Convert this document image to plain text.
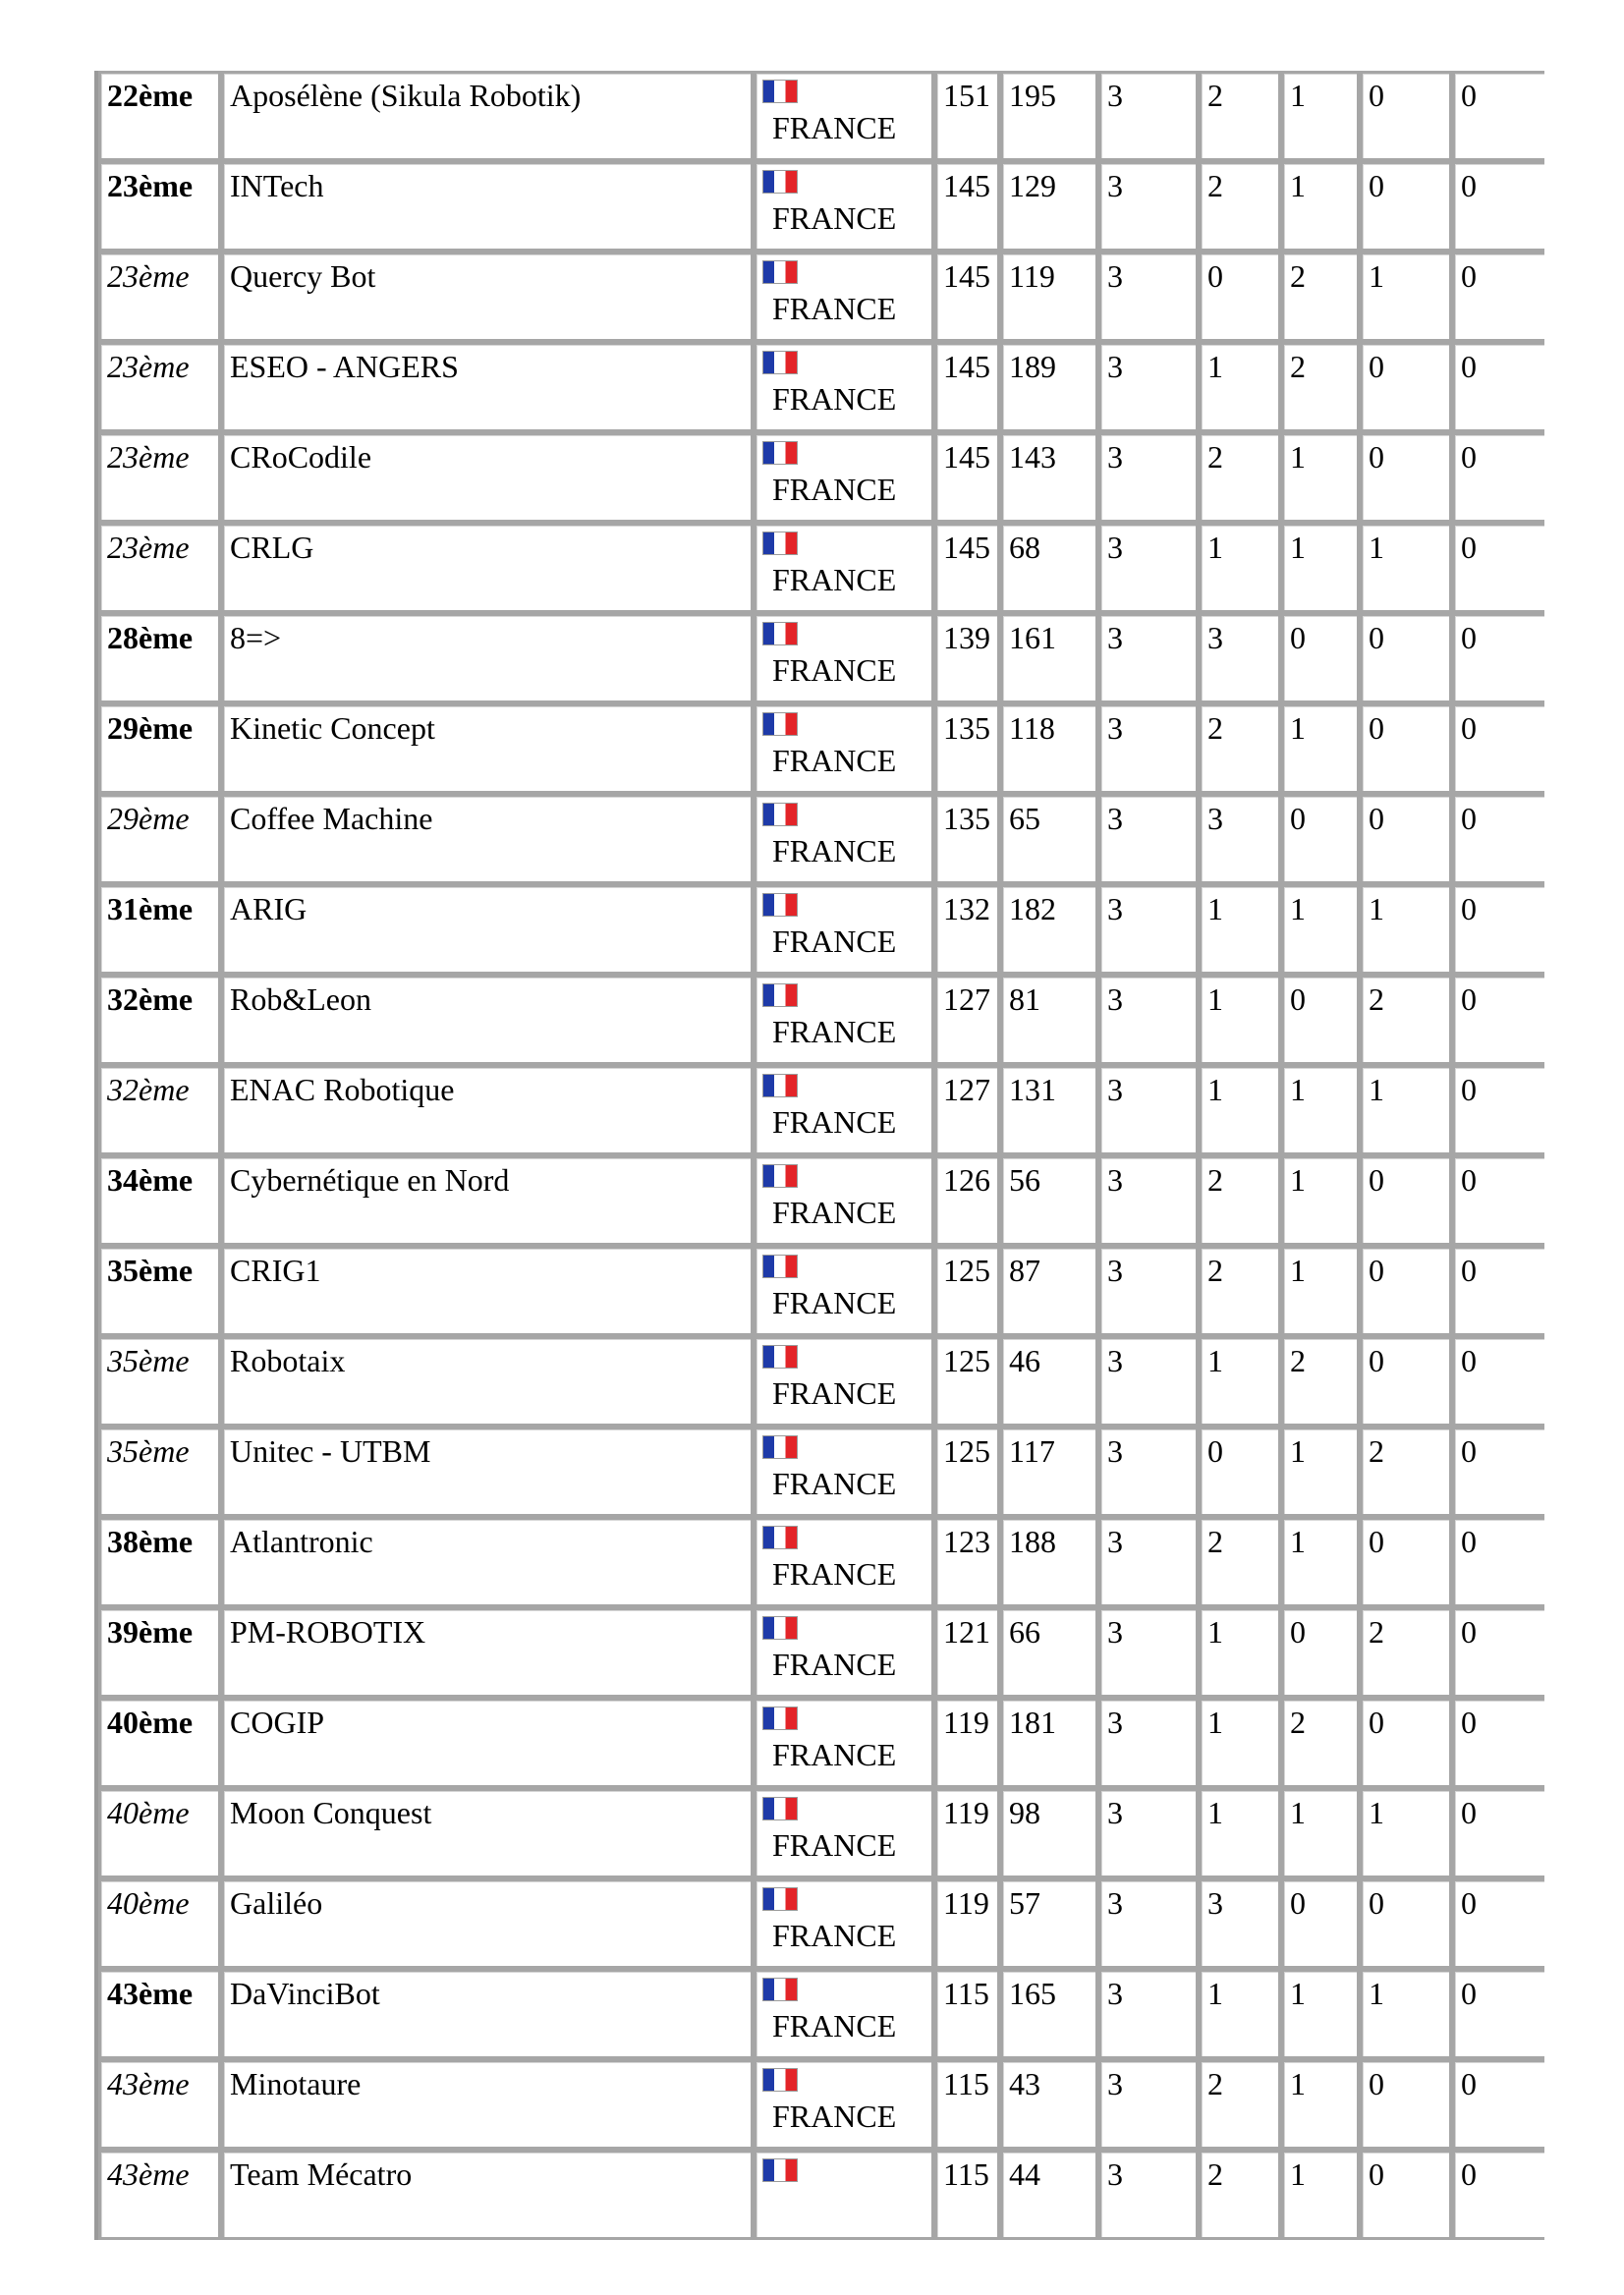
22ème	Aposélène (Sikula Robotik)	FRANCE	151	195	3	2	1	0	0
23ème	INTech	FRANCE	145	129	3	2	1	0	0
23ème	Quercy Bot	FRANCE	145	119	3	0	2	1	0
23ème	ESEO - ANGERS	FRANCE	145	189	3	1	2	0	0
23ème	CRoCodile	FRANCE	145	143	3	2	1	0	0
23ème	CRLG	FRANCE	145	68	3	1	1	1	0
28ème	8=>	FRANCE	139	161	3	3	0	0	0
29ème	Kinetic Concept	FRANCE	135	118	3	2	1	0	0
29ème	Coffee Machine	FRANCE	135	65	3	3	0	0	0
31ème	ARIG	FRANCE	132	182	3	1	1	1	0
32ème	Rob&Leon	FRANCE	127	81	3	1	0	2	0
32ème	ENAC Robotique	FRANCE	127	131	3	1	1	1	0
34ème	Cybernétique en Nord	FRANCE	126	56	3	2	1	0	0
35ème	CRIG1	FRANCE	125	87	3	2	1	0	0
35ème	Robotaix	FRANCE	125	46	3	1	2	0	0
35ème	Unitec - UTBM	FRANCE	125	117	3	0	1	2	0
38ème	Atlantronic	FRANCE	123	188	3	2	1	0	0
39ème	PM-ROBOTIX	FRANCE	121	66	3	1	0	2	0
40ème	COGIP	FRANCE	119	181	3	1	2	0	0
40ème	Moon Conquest	FRANCE	119	98	3	1	1	1	0
40ème	Galiléo	FRANCE	119	57	3	3	0	0	0
43ème	DaVinciBot	FRANCE	115	165	3	1	1	1	0
43ème	Minotaure	FRANCE	115	43	3	2	1	0	0
43ème	Team Mécatro		115	44	3	2	1	0	0
